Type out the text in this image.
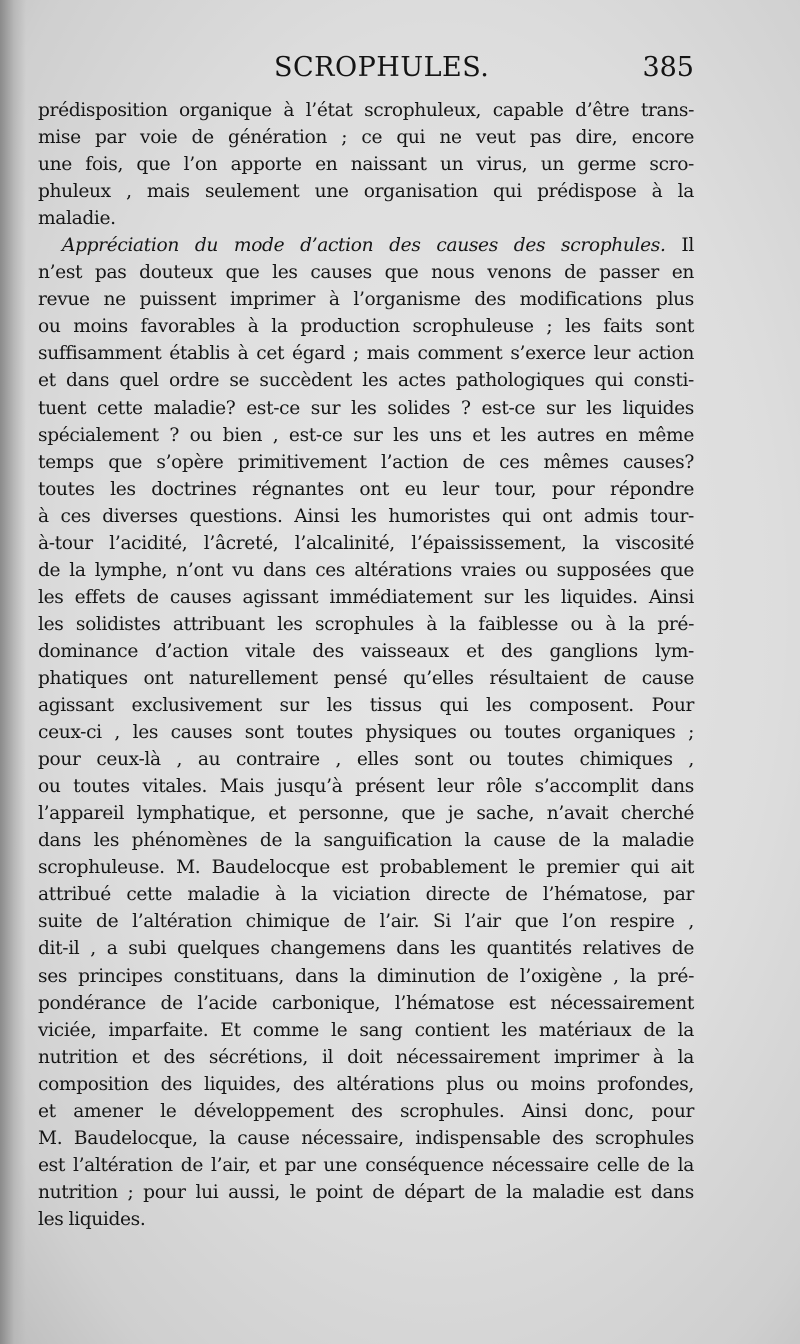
SCROPHULES.	385
prédisposition organique à l’état scrophuleux, capable d’être trans-
mise par voie de génération ; ce qui ne veut pas dire, encore
une fois, que l’on apporte en naissant un virus, un germe scro-
phuleux , mais seulement une organisation qui prédispose à la
maladie.
Appréciation du mode d’action des causes des scrophules. Il
n’est pas douteux que les causes que nous venons de passer en
revue ne puissent imprimer à l’organisme des modifications plus
ou moins favorables à la production scrophuleuse ; les faits sont
suffisamment établis à cet égard ; mais comment s’exerce leur action
et dans quel ordre se succèdent les actes pathologiques qui consti-
tuent cette maladie? est-ce sur les solides ? est-ce sur les liquides
spécialement ? ou bien , est-ce sur les uns et les autres en même
temps que s’opère primitivement l’action de ces mêmes causes?
toutes les doctrines régnantes ont eu leur tour, pour répondre
à ces diverses questions. Ainsi les humoristes qui ont admis tour-
à-tour l’acidité, l’âcreté, l’alcalinité, l’épaississement, la viscosité
de la lymphe, n’ont vu dans ces altérations vraies ou supposées que
les effets de causes agissant immédiatement sur les liquides. Ainsi
les solidistes attribuant les scrophules à la faiblesse ou à la pré-
dominance d’action vitale des vaisseaux et des ganglions lym-
phatiques ont naturellement pensé qu’elles résultaient de cause
agissant exclusivement sur les tissus qui les composent. Pour
ceux-ci , les causes sont toutes physiques ou toutes organiques ;
pour ceux-là , au contraire , elles sont ou toutes chimiques ,
ou toutes vitales. Mais jusqu’à présent leur rôle s’accomplit dans
l’appareil lymphatique, et personne, que je sache, n’avait cherché
dans les phénomènes de la sanguification la cause de la maladie
scrophuleuse. M. Baudelocque est probablement le premier qui ait
attribué cette maladie à la viciation directe de l’hématose, par
suite de l’altération chimique de l’air. Si l’air que l’on respire ,
dit-il , a subi quelques changemens dans les quantités relatives de
ses principes constituans, dans la diminution de l’oxigène , la pré-
pondérance de l’acide carbonique, l’hématose est nécessairement
viciée, imparfaite. Et comme le sang contient les matériaux de la
nutrition et des sécrétions, il doit nécessairement imprimer à la
composition des liquides, des altérations plus ou moins profondes,
et amener le développement des scrophules. Ainsi donc, pour
M. Baudelocque, la cause nécessaire, indispensable des scrophules
est l’altération de l’air, et par une conséquence nécessaire celle de la
nutrition ; pour lui aussi, le point de départ de la maladie est dans
les liquides.
